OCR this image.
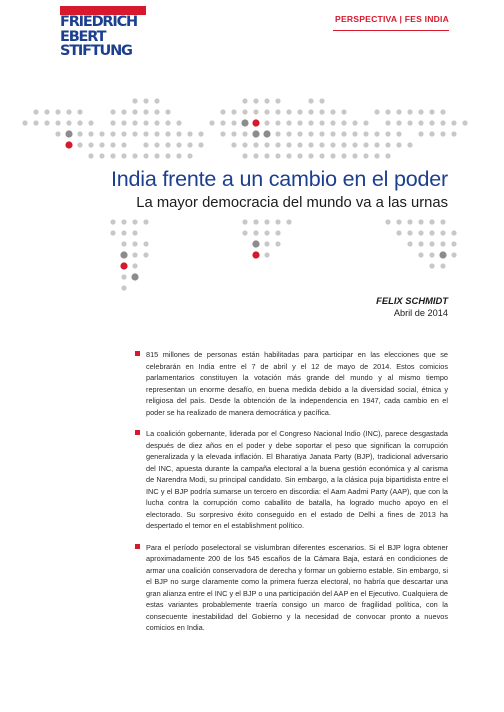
FRIEDRICH
EBERT
STIFTUNG
PERSPECTIVA | FES INDIA
India frente a un cambio en el poder
La mayor democracia del mundo va a las urnas
FELIX SCHMIDT
Abril de 2014

815 millones de personas están habilitadas para participar en las elecciones que se celebrarán en India entre el 7 de abril y el 12 de mayo de 2014. Estos comicios parlamentarios constituyen la votación más grande del mundo y al mismo tiempo representan un enorme desafío, en buena medida debido a la diversidad social, étnica y religiosa del país. Desde la obtención de la independencia en 1947, cada cambio en el poder se ha realizado de manera democrática y pacífica.

La coalición gobernante, liderada por el Congreso Nacional Indio (INC), parece desgastada después de diez años en el poder y debe soportar el peso que significan la corrupción generalizada y la elevada inflación. El Bharatiya Janata Party (BJP), tradicional adversario del INC, apuesta durante la campaña electoral a la buena gestión económica y al carisma de Narendra Modi, su principal candidato. Sin embargo, a la clásica puja bipartidista entre el INC y el BJP podría sumarse un tercero en discordia: el Aam Aadmi Party (AAP), que con la lucha contra la corrupción como caballito de batalla, ha logrado mucho apoyo en el electorado. Su sorpresivo éxito conseguido en el estado de Delhi a fines de 2013 ha despertado el temor en el establishment político.

Para el período poselectoral se vislumbran diferentes escenarios. Si el BJP logra obtener aproximadamente 200 de los 545 escaños de la Cámara Baja, estará en condiciones de armar una coalición conservadora de derecha y formar un gobierno estable. Sin embargo, si el BJP no surge claramente como la primera fuerza electoral, no habría que descartar una gran alianza entre el INC y el BJP o una participación del AAP en el Ejecutivo. Cualquiera de estas variantes probablemente traería consigo un marco de fragilidad política, con la consecuente inestabilidad del Gobierno y la necesidad de convocar pronto a nuevos comicios en India.
